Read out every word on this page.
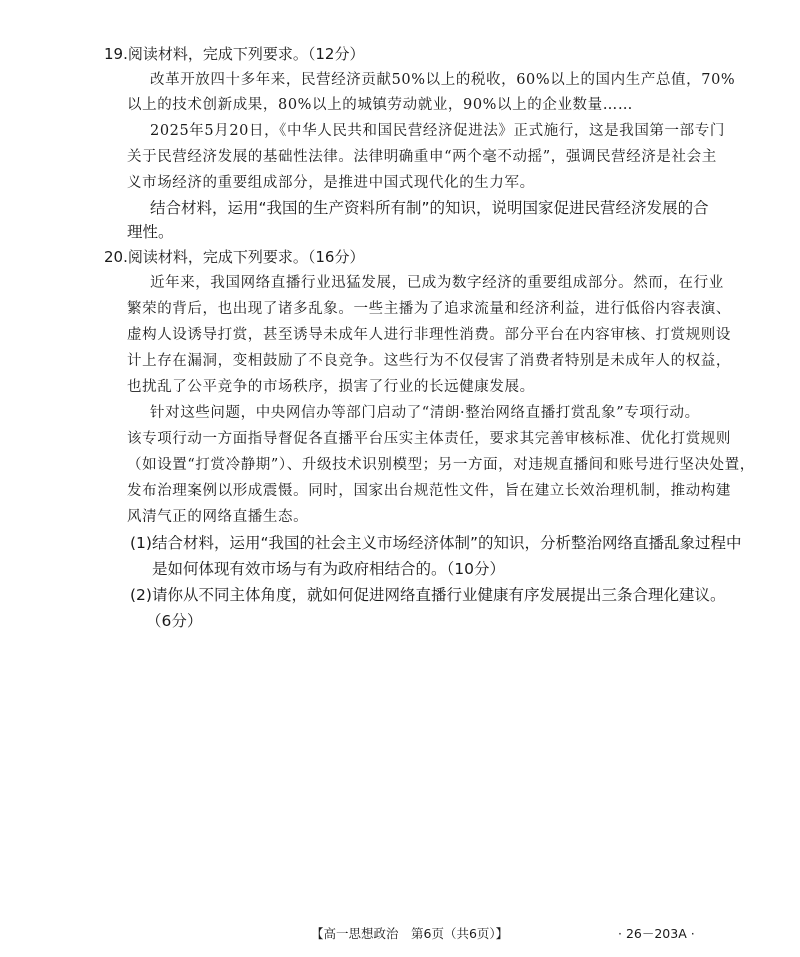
19.阅读材料，完成下列要求。（12分）
改革开放四十多年来，民营经济贡献50%以上的税收，60%以上的国内生产总值，70%
以上的技术创新成果，80%以上的城镇劳动就业，90%以上的企业数量……
2025年5月20日，《中华人民共和国民营经济促进法》正式施行，这是我国第一部专门
关于民营经济发展的基础性法律。法律明确重申“两个毫不动摇”，强调民营经济是社会主
义市场经济的重要组成部分，是推进中国式现代化的生力军。
结合材料，运用“我国的生产资料所有制”的知识，说明国家促进民营经济发展的合
理性。
20.阅读材料，完成下列要求。（16分）
近年来，我国网络直播行业迅猛发展，已成为数字经济的重要组成部分。然而，在行业
繁荣的背后，也出现了诸多乱象。一些主播为了追求流量和经济利益，进行低俗内容表演、
虚构人设诱导打赏，甚至诱导未成年人进行非理性消费。部分平台在内容审核、打赏规则设
计上存在漏洞，变相鼓励了不良竞争。这些行为不仅侵害了消费者特别是未成年人的权益，
也扰乱了公平竞争的市场秩序，损害了行业的长远健康发展。
针对这些问题，中央网信办等部门启动了“清朗·整治网络直播打赏乱象”专项行动。
该专项行动一方面指导督促各直播平台压实主体责任，要求其完善审核标准、优化打赏规则
（如设置“打赏冷静期”）、升级技术识别模型；另一方面，对违规直播间和账号进行坚决处置，
发布治理案例以形成震慑。同时，国家出台规范性文件，旨在建立长效治理机制，推动构建
风清气正的网络直播生态。
(1)结合材料，运用“我国的社会主义市场经济体制”的知识，分析整治网络直播乱象过程中
是如何体现有效市场与有为政府相结合的。（10分）
(2)请你从不同主体角度，就如何促进网络直播行业健康有序发展提出三条合理化建议。
（6分）
【高一思想政治　第6页（共6页）】	· 26－203A ·
